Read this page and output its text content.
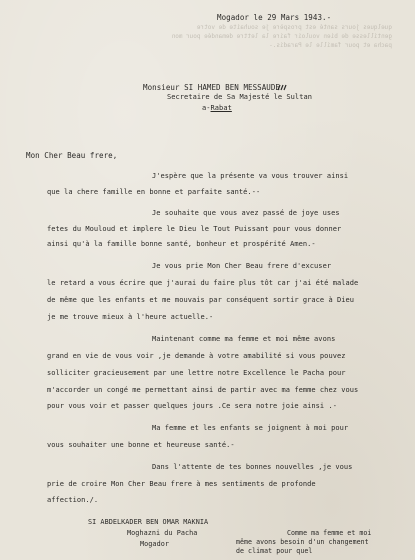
quelques jours santé est prospère je souhaite de votre
gentillesse de bien vouloir faire la lettre demandée pour mon
pacha et pour famille le Paradis.-
Mogador le 29 Mars 1943.-
Monsieur SI HAMED BEN MESSAUDE
Secretaire de Sa Majesté le Sultan
a-Rabat
Mon Cher Beau frere,
J'espère que la présente va vous trouver ainsi
que la chere famille en bonne et parfaite santé.--
Je souhaite que vous avez passé de joye uses
fetes du Mouloud et implere le Dieu le Tout Puissant pour vous donner
ainsi qu'à la famille bonne santé, bonheur et prospérité Amen.-
Je vous prie Mon Cher Beau frere d'excuser
le retard a vous écrire que j'aurai du faire plus tôt car j'ai été malade
de même que les enfants et me mouvais par conséquent sortir grace à Dieu
je me trouve mieux à l'heure actuelle.-
Maintenant comme ma femme et moi même avons
grand en vie de vous voir ,je demande à votre amabilité si vous pouvez
solliciter gracieusement par une lettre notre Excellence le Pacha pour
m'accorder un congé me permettant ainsi de partir avec ma femme chez vous
pour vous voir et passer quelques jours .Ce sera notre joie ainsi .-
Ma femme et les enfants se joignent à moi pour
vous souhaiter une bonne et heureuse santé.-
Dans l'attente de tes bonnes nouvelles ,je vous
prie de croire Mon Cher Beau frere à mes sentiments de profonde
affection./.
SI ABDELKADER BEN OMAR MAKNIA
Moghazni du Pacha
Mogador
Comme ma femme et moi
même avons besoin d'un changement
de climat pour quel
